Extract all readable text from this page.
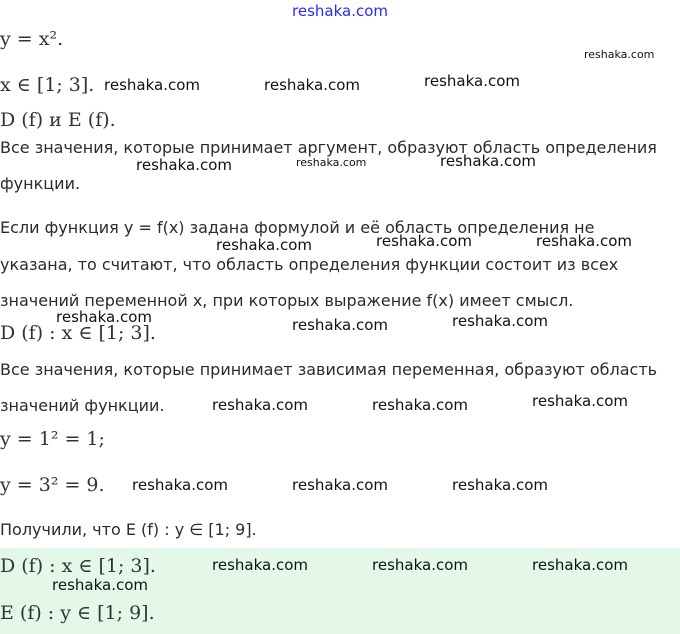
reshaka.com
y = x².
x ∈ [1; 3].
D (f) и E (f).
Все значения, которые принимает аргумент, образуют область определения
функции.
Если функция y = f(x) задана формулой и её область определения не
указана, то считают, что область определения функции состоит из всех
значений переменной x, при которых выражение f(x) имеет смысл.
D (f) : x ∈ [1; 3].
Все значения, которые принимает зависимая переменная, образуют область
значений функции.
y = 1² = 1;
y = 3² = 9.
Получили, что E (f) : y ∈ [1; 9].
D (f) : x ∈ [1; 3].
E (f) : y ∈ [1; 9].
reshaka.com
reshaka.com	reshaka.com	reshaka.com
reshaka.com
reshaka.com	reshaka.com
reshaka.com	reshaka.com	reshaka.com
reshaka.com	reshaka.com	reshaka.com
reshaka.com	reshaka.com	reshaka.com
reshaka.com	reshaka.com	reshaka.com
reshaka.com	reshaka.com	reshaka.com
reshaka.com
